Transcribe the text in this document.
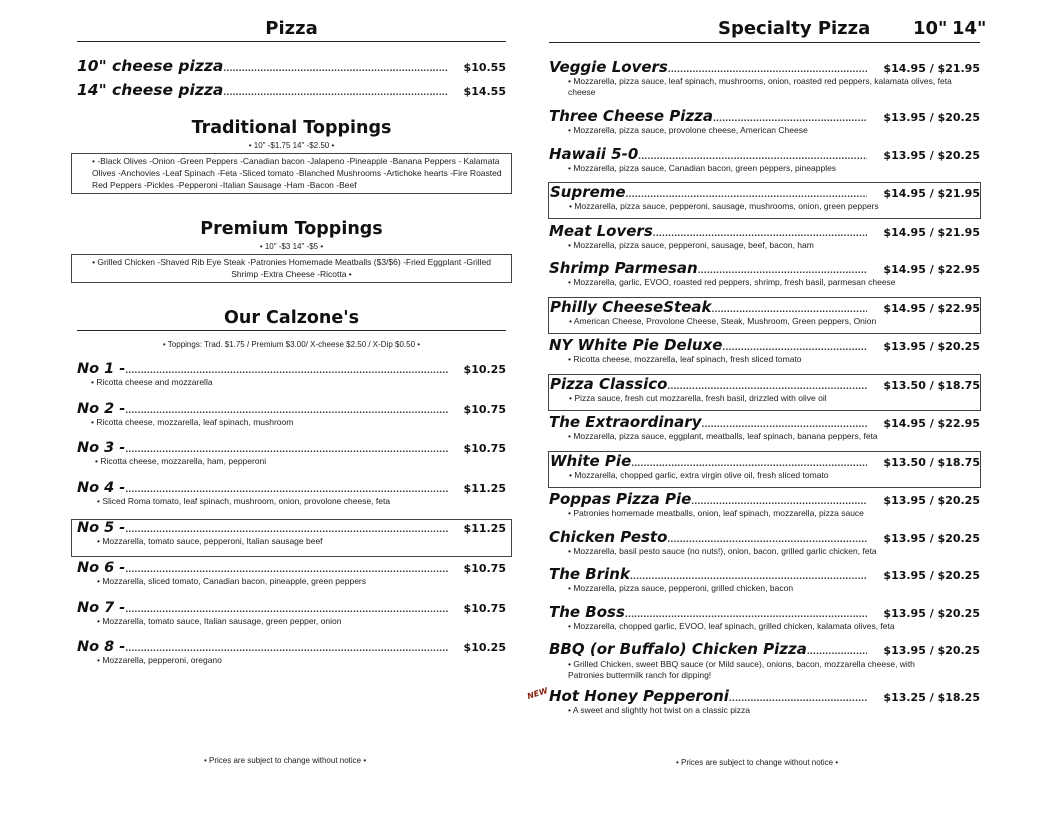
Pizza
10" cheese pizza .....	$10.55
14" cheese pizza .....	$14.55
Traditional Toppings
• 10" -$1.75 14" -$2.50 •
• -Black Olives -Onion -Green Peppers -Canadian bacon -Jalapeno -Pineapple -Banana Peppers - Kalamata Olives -Anchovies -Leaf Spinach -Feta -Sliced tomato -Blanched Mushrooms -Artichoke hearts -Fire Roasted Red Peppers -Pickles -Pepperoni -Italian Sausage -Ham -Bacon -Beef
Premium Toppings
• 10" -$3 14" -$5 •
• Grilled Chicken -Shaved Rib Eye Steak -Patronies Homemade Meatballs ($3/$6) -Fried Eggplant -Grilled Shrimp -Extra Cheese -Ricotta •
Our Calzone's
• Toppings: Trad. $1.75 / Premium $3.00/ X-cheese $2.50 / X-Dip $0.50 •
No 1 - .....	$10.25
• Ricotta cheese and mozzarella
No 2 - .....	$10.75
• Ricotta cheese, mozzarella, leaf spinach, mushroom
No 3 - .....	$10.75
• Ricotta cheese, mozzarella, ham, pepperoni
No 4 - .....	$11.25
• Sliced Roma tomato, leaf spinach, mushroom, onion, provolone cheese, feta
No 5 - .....	$11.25
• Mozzarella, tomato sauce, pepperoni, Italian sausage beef
No 6 - .....	$10.75
• Mozzarella, sliced tomato, Canadian bacon, pineapple, green peppers
No 7 - .....	$10.75
• Mozzarella, tomato sauce, Italian sausage, green pepper, onion
No 8 - .....	$10.25
• Mozzarella, pepperoni, oregano
• Prices are subject to change without notice •
Specialty Pizza 10" 14"
Veggie Lovers .....	$14.95 / $21.95
• Mozzarella, pizza sauce, leaf spinach, mushrooms, onion, roasted red peppers, kalamata olives, feta cheese
Three Cheese Pizza .....	$13.95 / $20.25
• Mozzarella, pizza sauce, provolone cheese, American Cheese
Hawaii 5-0 .....	$13.95 / $20.25
• Mozzarella, pizza sauce, Canadian bacon, green peppers, pineapples
Supreme .....	$14.95 / $21.95
• Mozzarella, pizza sauce, pepperoni, sausage, mushrooms, onion, green peppers
Meat Lovers .....	$14.95 / $21.95
• Mozzarella, pizza sauce, pepperoni, sausage, beef, bacon, ham
Shrimp Parmesan .....	$14.95 / $22.95
• Mozzarella, garlic, EVOO, roasted red peppers, shrimp, fresh basil, parmesan cheese
Philly CheeseSteak .....	$14.95 / $22.95
• American Cheese, Provolone Cheese, Steak, Mushroom, Green peppers, Onion
NY White Pie Deluxe .....	$13.95 / $20.25
• Ricotta cheese, mozzarella, leaf spinach, fresh sliced tomato
Pizza Classico .....	$13.50 / $18.75
• Pizza sauce, fresh cut mozzarella, fresh basil, drizzled with olive oil
The Extraordinary .....	$14.95 / $22.95
• Mozzarella, pizza sauce, eggplant, meatballs, leaf spinach, banana peppers, feta
White Pie .....	$13.50 / $18.75
• Mozzarella, chopped garlic, extra virgin olive oil, fresh sliced tomato
Poppas Pizza Pie .....	$13.95 / $20.25
• Patronies homemade meatballs, onion, leaf spinach, mozzarella, pizza sauce
Chicken Pesto .....	$13.95 / $20.25
• Mozzarella, basil pesto sauce (no nuts!), onion, bacon, grilled garlic chicken, feta
The Brink .....	$13.95 / $20.25
• Mozzarella, pizza sauce, pepperoni, grilled chicken, bacon
The Boss .....	$13.95 / $20.25
• Mozzarella, chopped garlic, EVOO, leaf spinach, grilled chicken, kalamata olives, feta
BBQ (or Buffalo) Chicken Pizza .....	$13.95 / $20.25
• Grilled Chicken, sweet BBQ sauce (or Mild sauce), onions, bacon, mozzarella cheese, with Patronies buttermilk ranch for dipping!
NEW Hot Honey Pepperoni .....	$13.25 / $18.25
• A sweet and slightly hot twist on a classic pizza
• Prices are subject to change without notice •
